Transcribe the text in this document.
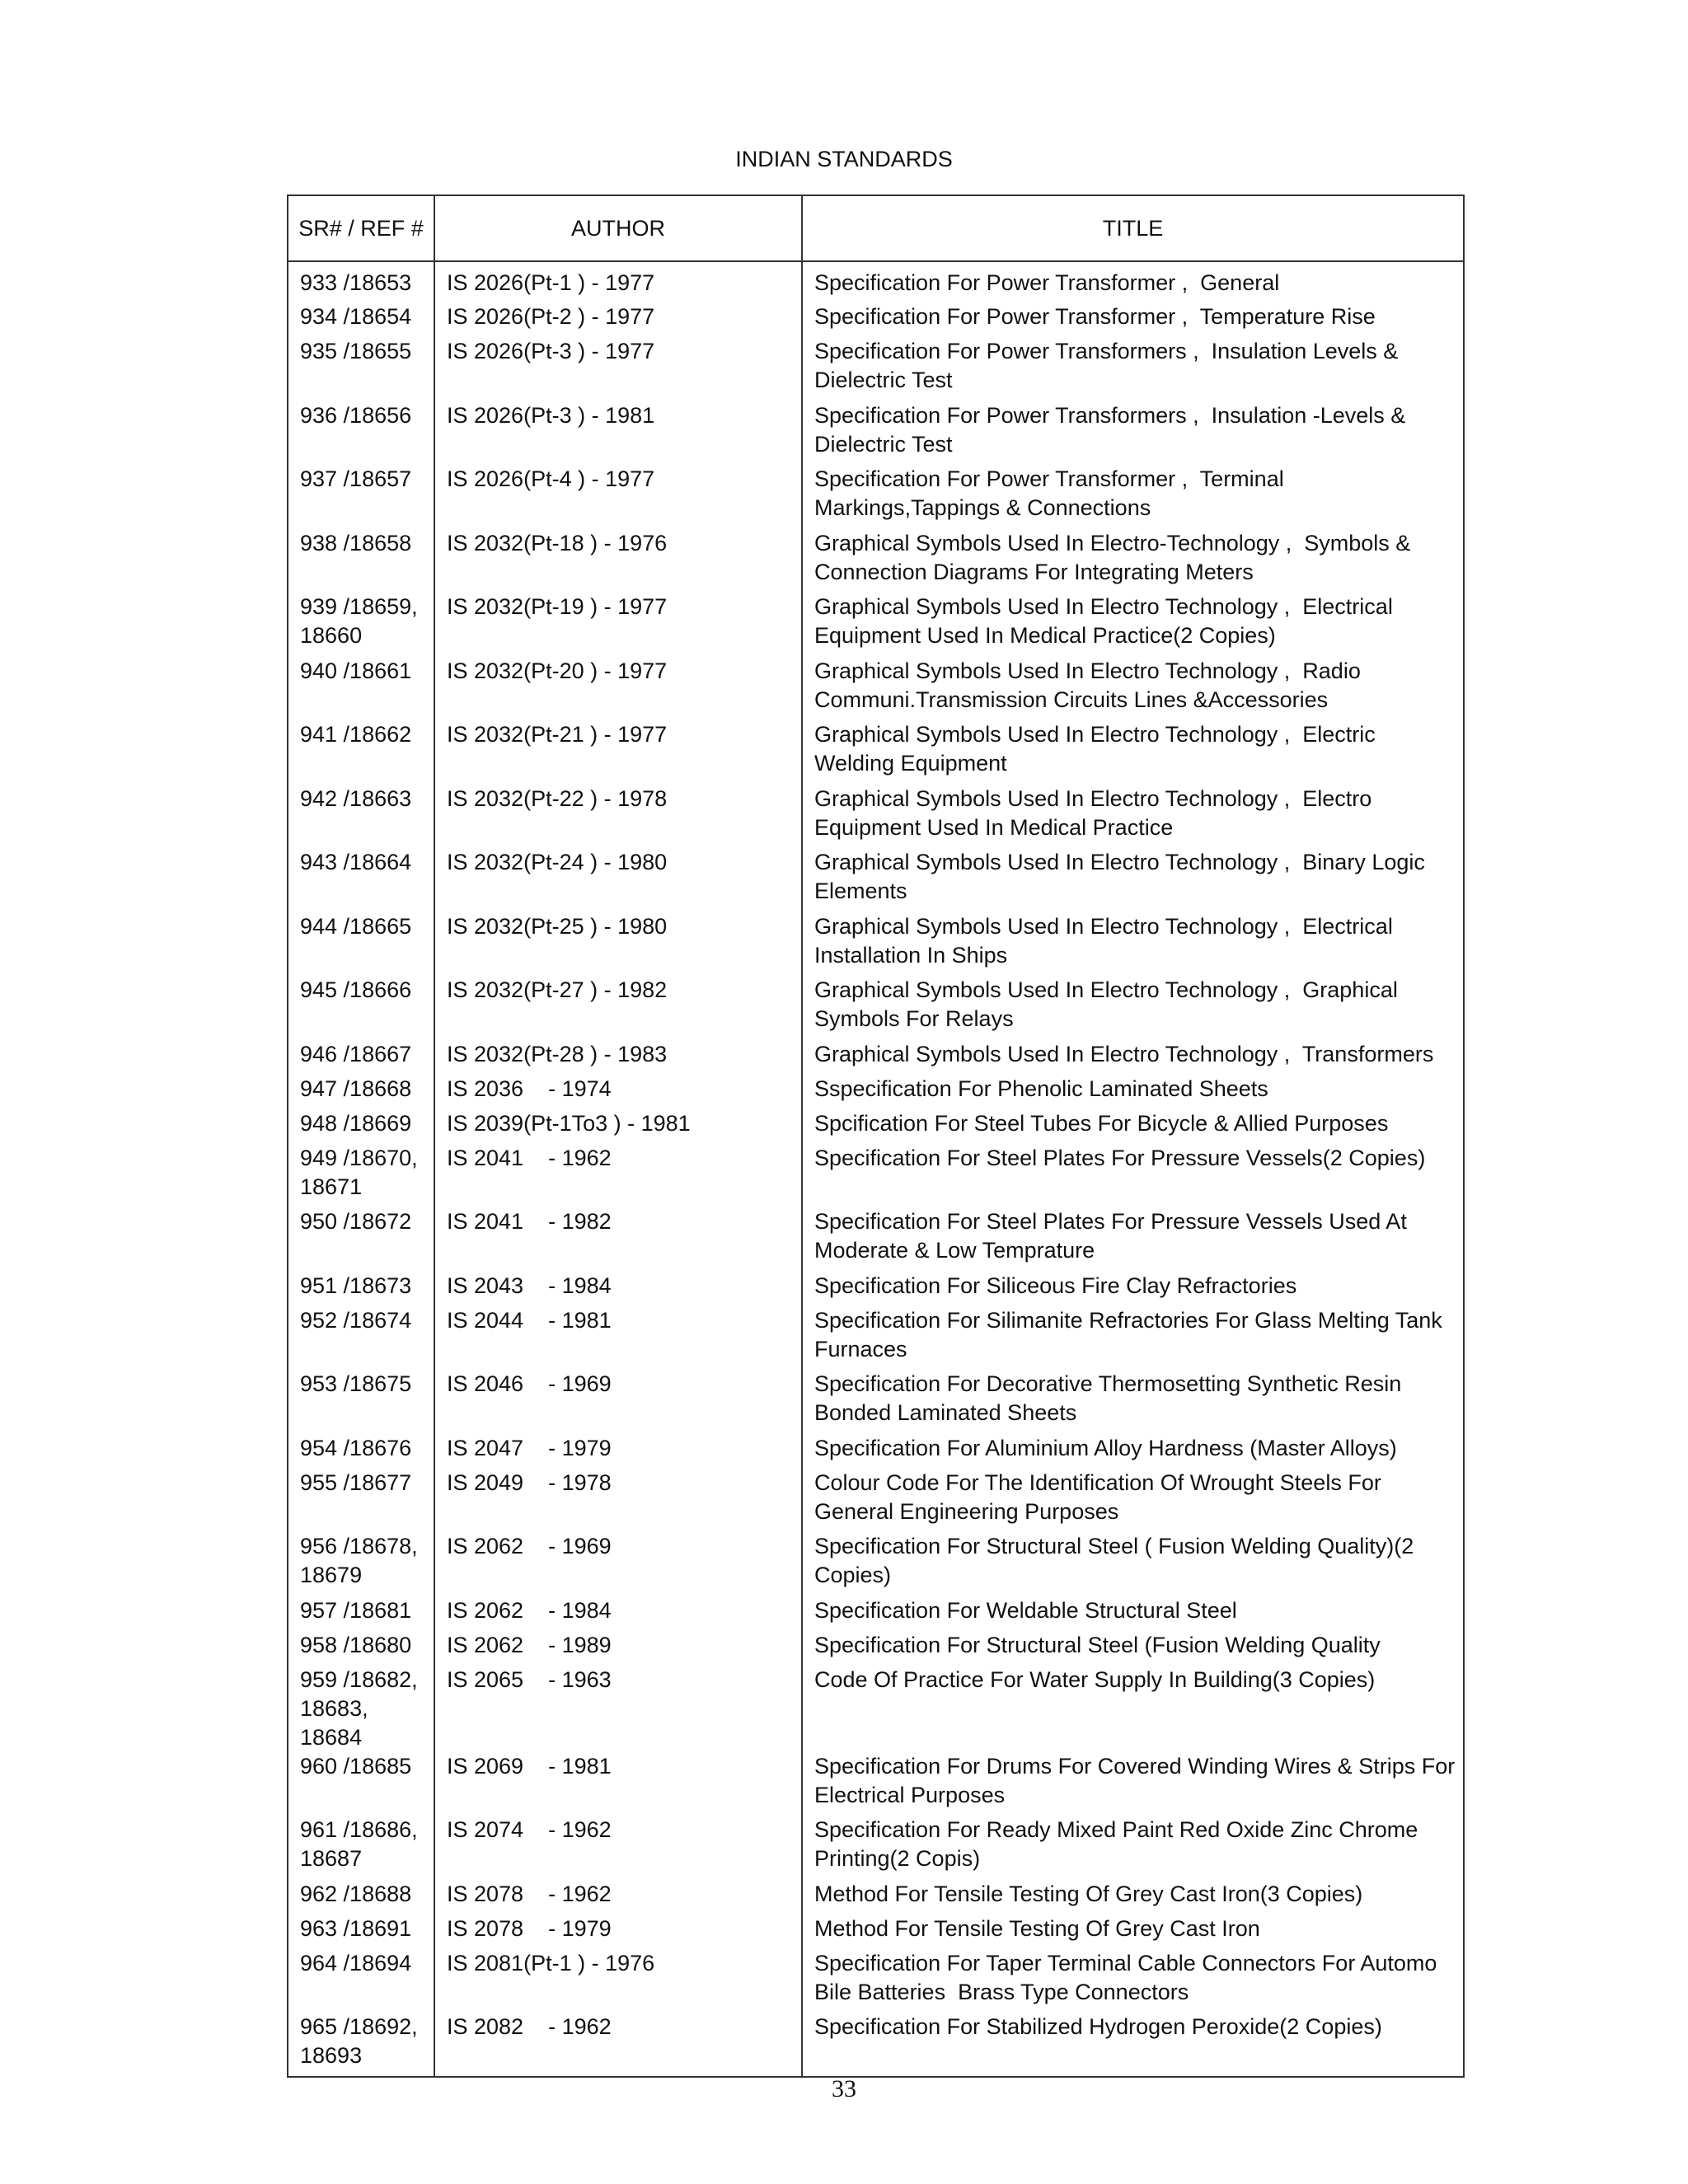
INDIAN STANDARDS
SR# / REF #	AUTHOR	TITLE

933 /18653	IS 2026(Pt-1 ) - 1977	Specification For Power Transformer ,  General

934 /18654	IS 2026(Pt-2 ) - 1977	Specification For Power Transformer ,  Temperature Rise

935 /18655	IS 2026(Pt-3 ) - 1977	Specification For Power Transformers ,  Insulation Levels & Dielectric Test

936 /18656	IS 2026(Pt-3 ) - 1981	Specification For Power Transformers ,  Insulation -Levels & Dielectric Test

937 /18657	IS 2026(Pt-4 ) - 1977	Specification For Power Transformer ,  Terminal Markings,Tappings & Connections

938 /18658	IS 2032(Pt-18 ) - 1976	Graphical Symbols Used In Electro-Technology ,  Symbols & Connection Diagrams For Integrating Meters

939 /18659, 18660	IS 2032(Pt-19 ) - 1977	Graphical Symbols Used In Electro Technology ,  Electrical Equipment Used In Medical Practice(2 Copies)

940 /18661	IS 2032(Pt-20 ) - 1977	Graphical Symbols Used In Electro Technology ,  Radio Communi.Transmission Circuits Lines &Accessories

941 /18662	IS 2032(Pt-21 ) - 1977	Graphical Symbols Used In Electro Technology ,  Electric Welding Equipment

942 /18663	IS 2032(Pt-22 ) - 1978	Graphical Symbols Used In Electro Technology ,  Electro Equipment Used In Medical Practice

943 /18664	IS 2032(Pt-24 ) - 1980	Graphical Symbols Used In Electro Technology ,  Binary Logic Elements

944 /18665	IS 2032(Pt-25 ) - 1980	Graphical Symbols Used In Electro Technology ,  Electrical Installation In Ships

945 /18666	IS 2032(Pt-27 ) - 1982	Graphical Symbols Used In Electro Technology ,  Graphical Symbols For Relays

946 /18667	IS 2032(Pt-28 ) - 1983	Graphical Symbols Used In Electro Technology ,  Transformers

947 /18668	IS 2036    - 1974	Sspecification For Phenolic Laminated Sheets

948 /18669	IS 2039(Pt-1To3 ) - 1981	Spcification For Steel Tubes For Bicycle & Allied Purposes

949 /18670, 18671	IS 2041    - 1962	Specification For Steel Plates For Pressure Vessels(2 Copies)

950 /18672	IS 2041    - 1982	Specification For Steel Plates For Pressure Vessels Used At Moderate & Low Temprature

951 /18673	IS 2043    - 1984	Specification For Siliceous Fire Clay Refractories

952 /18674	IS 2044    - 1981	Specification For Silimanite Refractories For Glass Melting Tank Furnaces

953 /18675	IS 2046    - 1969	Specification For Decorative Thermosetting Synthetic Resin Bonded Laminated Sheets

954 /18676	IS 2047    - 1979	Specification For Aluminium Alloy Hardness (Master Alloys)

955 /18677	IS 2049    - 1978	Colour Code For The Identification Of Wrought Steels For General Engineering Purposes

956 /18678, 18679	IS 2062    - 1969	Specification For Structural Steel ( Fusion Welding Quality)(2 Copies)

957 /18681	IS 2062    - 1984	Specification For Weldable Structural Steel

958 /18680	IS 2062    - 1989	Specification For Structural Steel (Fusion Welding Quality

959 /18682, 18683, 18684	IS 2065    - 1963	Code Of Practice For Water Supply In Building(3 Copies)

960 /18685	IS 2069    - 1981	Specification For Drums For Covered Winding Wires & Strips For Electrical Purposes

961 /18686, 18687	IS 2074    - 1962	Specification For Ready Mixed Paint Red Oxide Zinc Chrome Printing(2 Copis)

962 /18688	IS 2078    - 1962	Method For Tensile Testing Of Grey Cast Iron(3 Copies)

963 /18691	IS 2078    - 1979	Method For Tensile Testing Of Grey Cast Iron

964 /18694	IS 2081(Pt-1 ) - 1976	Specification For Taper Terminal Cable Connectors For Automo Bile Batteries  Brass Type Connectors

965 /18692, 18693	IS 2082    - 1962	Specification For Stabilized Hydrogen Peroxide(2 Copies)
33
